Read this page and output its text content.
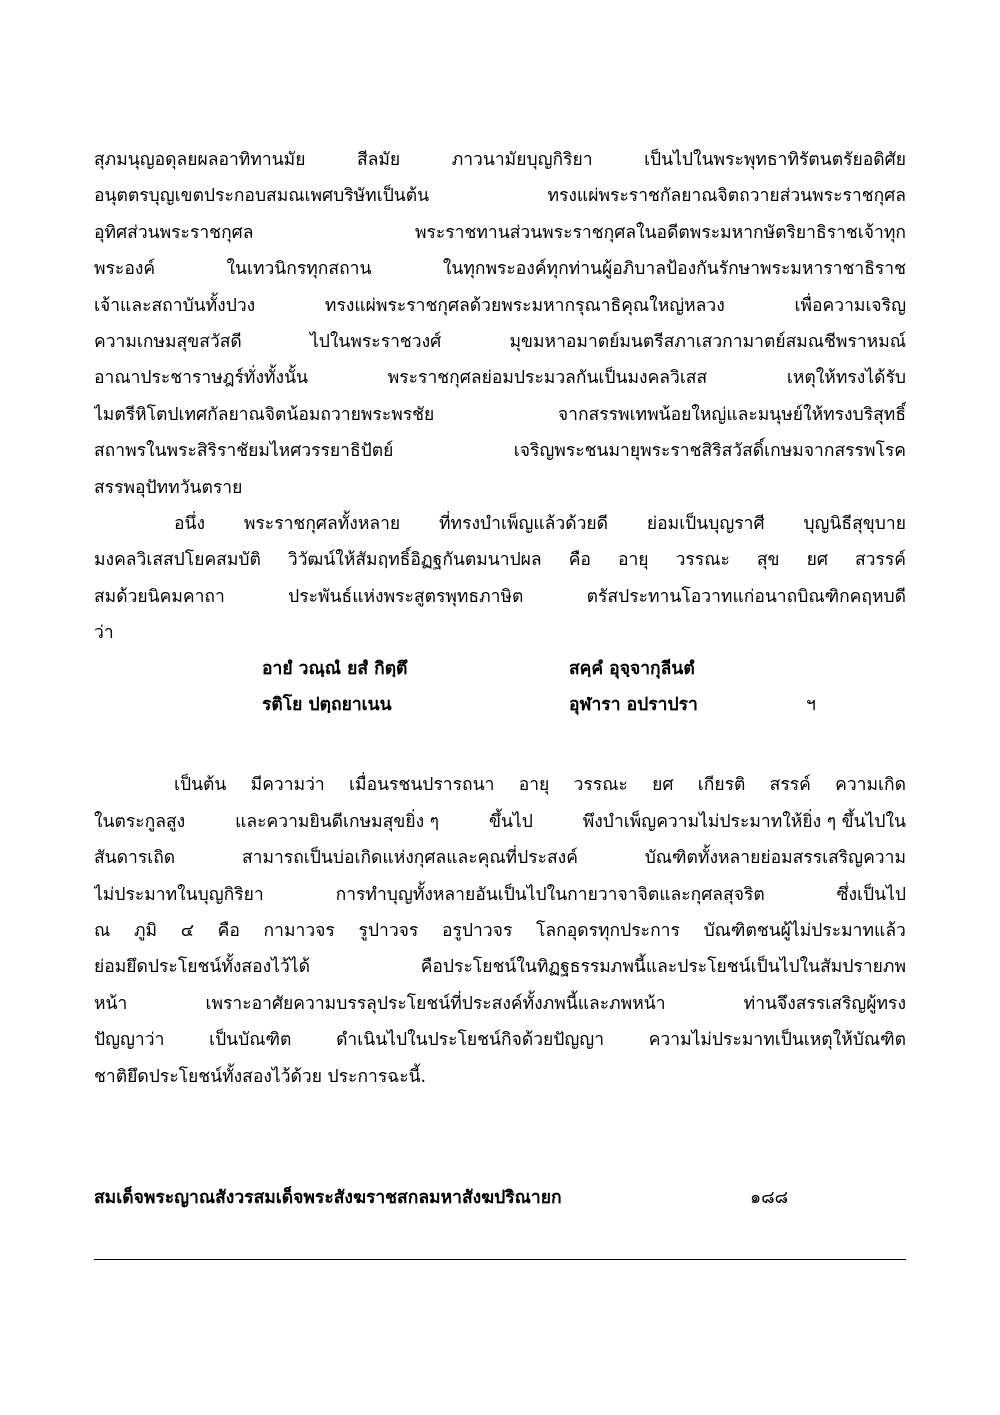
สุภมนุญอดุลยผลอาทิทานมัย	สีลมัย	ภาวนามัยบุญกิริยา	เป็นไปในพระพุทธาทิรัตนตรัยอดิศัย
อนุตตรบุญเขตประกอบสมณเพศบริษัทเป็นต้น	ทรงแผ่พระราชกัลยาณจิตถวายส่วนพระราชกุศล
อุทิศส่วนพระราชกุศล	พระราชทานส่วนพระราชกุศลในอดีตพระมหากษัตริยาธิราชเจ้าทุก
พระองค์	ในเทวนิกรทุกสถาน	ในทุกพระองค์ทุกท่านผู้อภิบาลป้องกันรักษาพระมหาราชาธิราช
เจ้าและสถาบันทั้งปวง	ทรงแผ่พระราชกุศลด้วยพระมหากรุณาธิคุณใหญ่หลวง	เพื่อความเจริญ
ความเกษมสุขสวัสดี	ไปในพระราชวงศ์	มุขมหาอมาตย์มนตรีสภาเสวกามาตย์สมณชีพราหมณ์
อาณาประชาราษฎร์ทั่งทั้งนั้น	พระราชกุศลย่อมประมวลกันเป็นมงคลวิเสส	เหตุให้ทรงได้รับ
ไมตรีหิโตปเทศกัลยาณจิตน้อมถวายพระพรชัย	จากสรรพเทพน้อยใหญ่และมนุษย์ให้ทรงบริสุทธิ์
สถาพรในพระสิริราชัยมไหศวรรยาธิปัตย์	เจริญพระชนมายุพระราชสิริสวัสดิ์เกษมจากสรรพโรค
สรรพอุปัททวันตราย
อนึ่ง พระราชกุศลทั้งหลาย ที่ทรงบำเพ็ญแล้วด้วยดี ย่อมเป็นบุญราศี บุญนิธีสุขุบาย
มงคลวิเสสปโยคสมบัติ วิวัฒน์ให้สัมฤทธิ์อิฏฐกันตมนาปผล คือ อายุ วรรณะ สุข ยศ สวรรค์
สมด้วยนิคมคาถา	ประพันธ์แห่งพระสูตรพุทธภาษิต	ตรัสประทานโอวาทแก่อนาถบิณฑิกคฤหบดี
ว่า
อายํ วณฺณํ ยสํ กิตฺตึ	สคฺคํ อุจฺจากุลีนตํ
รติโย ปตฺถยาเนน	อุฬารา อปราปรา	ฯ
เป็นต้น มีความว่า เมื่อนรชนปรารถนา อายุ วรรณะ ยศ เกียรติ สรรค์ ความเกิด
ในตระกูลสูง	และความยินดีเกษมสุขยิ่ง ๆ	ขึ้นไป	พึงบำเพ็ญความไม่ประมาทให้ยิ่ง ๆ ขึ้นไปใน
สันดารเถิด	สามารถเป็นบ่อเกิดแห่งกุศลและคุณที่ประสงค์	บัณฑิตทั้งหลายย่อมสรรเสริญความ
ไม่ประมาทในบุญกิริยา	การทำบุญทั้งหลายอันเป็นไปในกายวาจาจิตและกุศลสุจริต	ซึ่งเป็นไป
ณ ภูมิ ๔ คือ กามาวจร รูปาวจร อรูปาวจร โลกอุดรทุกประการ บัณฑิตชนผู้ไม่ประมาทแล้ว
ย่อมยึดประโยชน์ทั้งสองไว้ได้	คือประโยชน์ในทิฏฐธรรมภพนี้และประโยชน์เป็นไปในสัมปรายภพ
หน้า	เพราะอาศัยความบรรลุประโยชน์ที่ประสงค์ทั้งภพนี้และภพหน้า	ท่านจึงสรรเสริญผู้ทรง
ปัญญาว่า	เป็นบัณฑิต	ดำเนินไปในประโยชน์กิจด้วยปัญญา	ความไม่ประมาทเป็นเหตุให้บัณฑิต
ชาติยึดประโยชน์ทั้งสองไว้ด้วย ประการฉะนี้.
สมเด็จพระญาณสังวรสมเด็จพระสังฆราชสกลมหาสังฆปริณายก	๑๘๘
